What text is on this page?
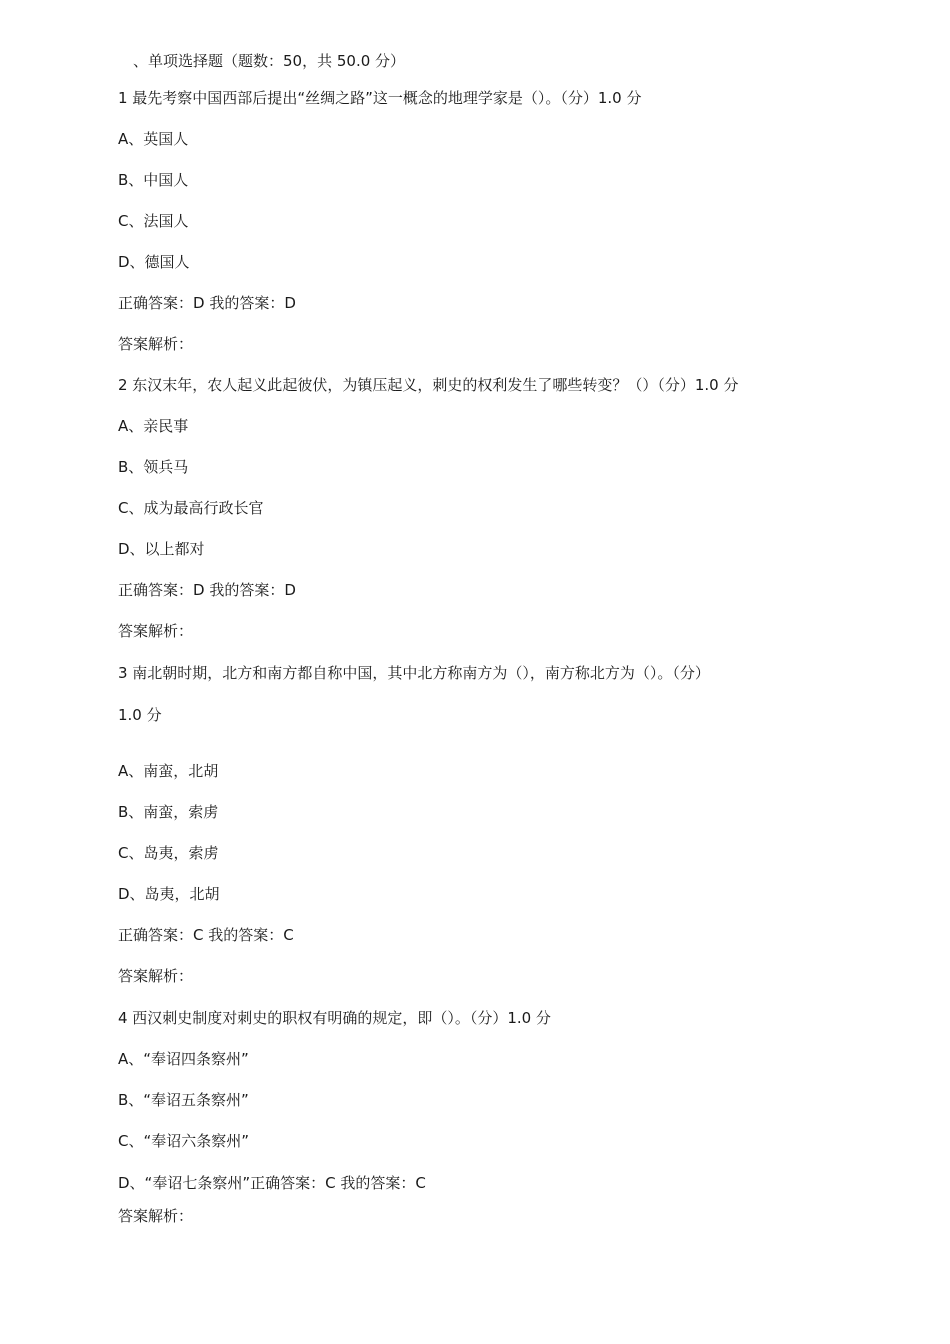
、单项选择题（题数：50，共 50.0 分）
1 最先考察中国西部后提出“丝绸之路”这一概念的地理学家是（）。（分）1.0 分
A、英国人
B、中国人
C、法国人
D、德国人
正确答案：D 我的答案：D
答案解析：
2 东汉末年，农人起义此起彼伏，为镇压起义，刺史的权利发生了哪些转变？（）（分）1.0 分
A、亲民事
B、领兵马
C、成为最高行政长官
D、以上都对
正确答案：D 我的答案：D
答案解析：
3 南北朝时期，北方和南方都自称中国，其中北方称南方为（），南方称北方为（）。（分）
1.0 分
A、南蛮，北胡
B、南蛮，索虏
C、岛夷，索虏
D、岛夷，北胡
正确答案：C 我的答案：C
答案解析：
4 西汉刺史制度对刺史的职权有明确的规定，即（）。（分）1.0 分
A、“奉诏四条察州”
B、“奉诏五条察州”
C、“奉诏六条察州”
D、“奉诏七条察州”正确答案：C 我的答案：C
答案解析：
